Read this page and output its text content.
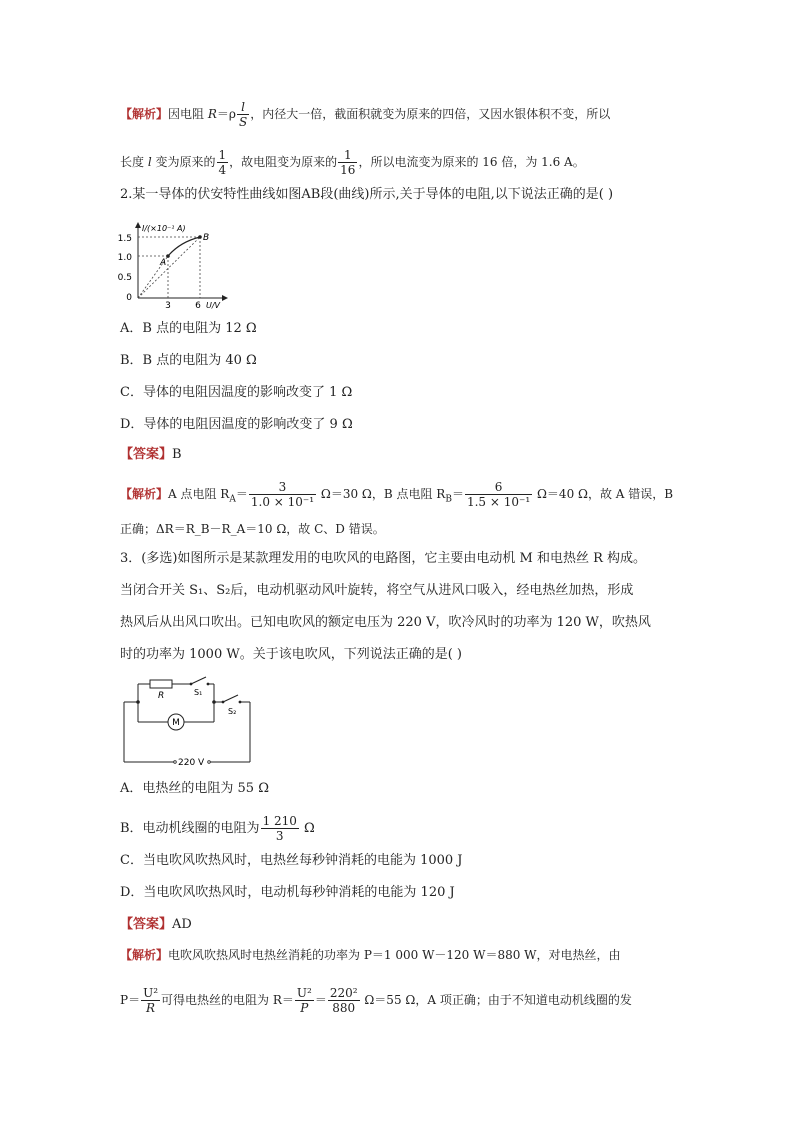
【解析】因电阻 $R=\rho \frac{l}{S}$ ，内径大一倍，截面积就变为原来的四倍，又因水银体积不变，所以
长度 l 变为原来的 $\frac{1}{4}$ ，故电阻变为原来的 $\frac{1}{16}$ ，所以电流变为原来的 16 倍，为 1.6 A。
2.某一导体的伏安特性曲线如图AB段(曲线)所示,关于导体的电阻,以下说法正确的是( )
1.5
1.0
0.5
0
I/(×10⁻¹ A)
A
B
3	6 U/V
A．B 点的电阻为 12 Ω
B．B 点的电阻为 40 Ω
C．导体的电阻因温度的影响改变了 1 Ω
D．导体的电阻因温度的影响改变了 9 Ω
【答案】B
【解析】A 点电阻 $R_A= \frac{3}{\text{1.0 × 10⁻¹}} \Omega=30$ Ω，B 点电阻 $R_B= \frac{6}{\text{1.5 × 10⁻¹}} \Omega=40$ Ω，故 A 错误，B
正确；ΔR＝R_B－R_A＝10 Ω，故 C、D 错误。
3．(多选)如图所示是某款理发用的电吹风的电路图，它主要由电动机 M 和电热丝 R 构成。
当闭合开关 S₁、S₂后，电动机驱动风叶旋转，将空气从进风口吸入，经电热丝加热，形成
热风后从出风口吹出。已知电吹风的额定电压为 220 V，吹冷风时的功率为 120 W，吹热风
时的功率为 1000 W。关于该电吹风，下列说法正确的是( )
220 V
R	S₁
M
S₂
A．电热丝的电阻为 55 Ω
B．电动机线圈的电阻为 $\frac{1 210}{3}$ Ω
C．当电吹风吹热风时，电热丝每秒钟消耗的电能为 1000 J
D．当电吹风吹热风时，电动机每秒钟消耗的电能为 120 J
【答案】AD
【解析】电吹风吹热风时电热丝消耗的功率为 P＝1 000 W－120 W＝880 W，对电热丝，由
$P= \frac{\text{U²}}{R}$ 可得电热丝的电阻为 $R= \frac{\text{U²}}{P} = \frac{\text{220²}}{880} \Omega=55$ Ω，A 项正确；由于不知道电动机线圈的发
